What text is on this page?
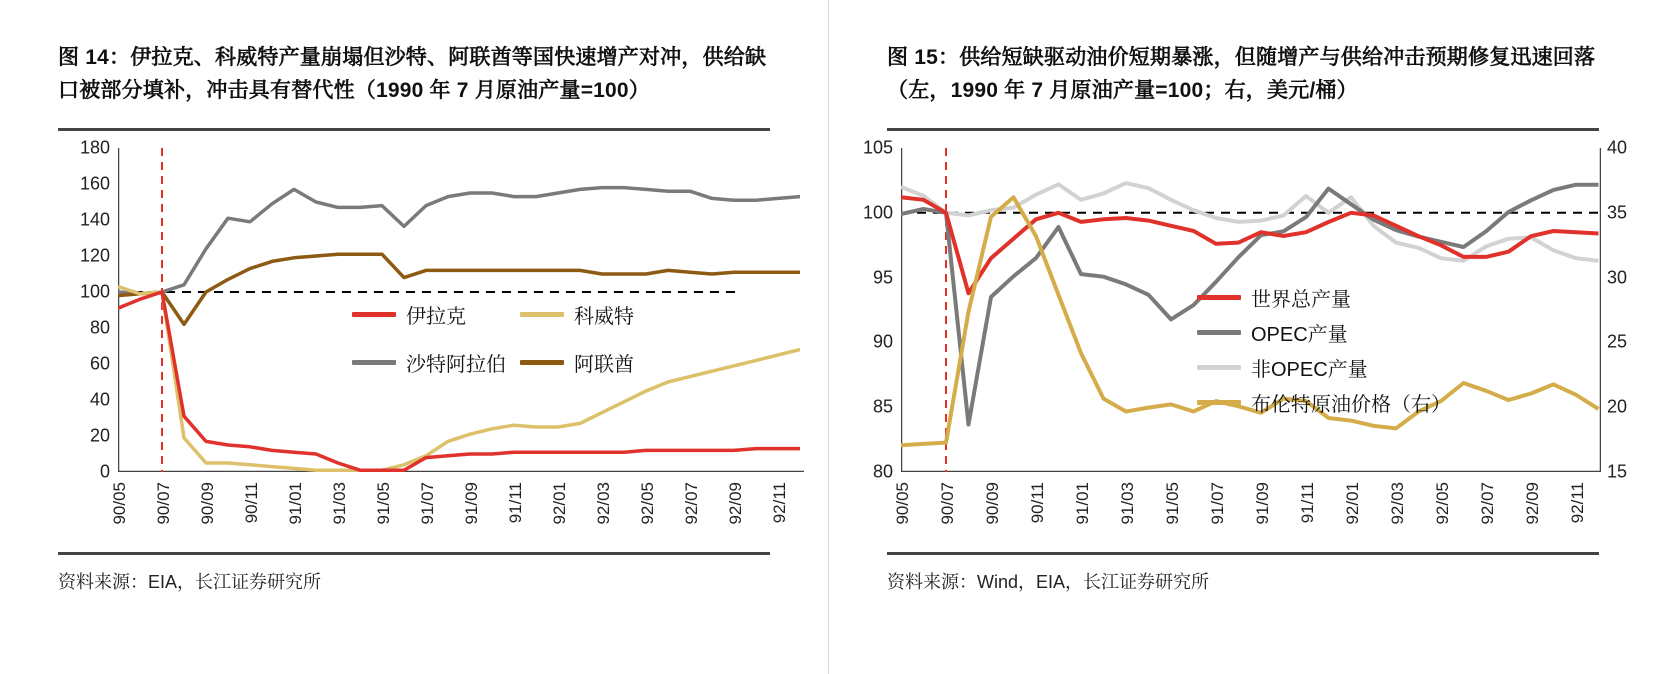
图 14：伊拉克、科威特产量崩塌但沙特、阿联酋等国快速增产对冲，供给缺口被部分填补，冲击具有替代性（1990 年 7 月原油产量=100）
资料来源：EIA，长江证券研究所
0
20
40
60
80
100
120
140
160
180
90/05 90/07 90/09 90/11 91/01 91/03 91/05 91/07 91/09 91/11 92/01 92/03 92/05 92/07 92/09 92/11
伊拉克	科威特
沙特阿拉伯	阿联酋
图 15：供给短缺驱动油价短期暴涨，但随增产与供给冲击预期修复迅速回落（左，1990 年 7 月原油产量=100；右，美元/桶）
资料来源：Wind，EIA，长江证券研究所
80
85
90
95
100
105
15
20
25
30
35
40
90/05 90/07 90/09 90/11 91/01 91/03 91/05 91/07 91/09 91/11 92/01 92/03 92/05 92/07 92/09 92/11
世界总产量
OPEC产量
非OPEC产量
布伦特原油价格（右）
